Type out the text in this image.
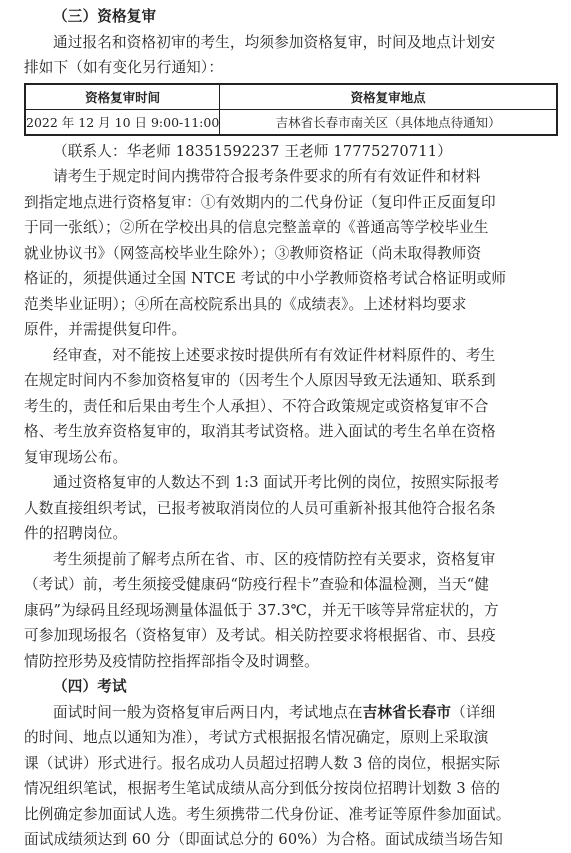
（三）资格复审
通过报名和资格初审的考生，均须参加资格复审，时间及地点计划安
排如下（如有变化另行通知）：
资格复审时间	资格复审地点
2022 年 12 月 10 日 9:00-11:00	吉林省长春市南关区（具体地点待通知）
（联系人：华老师 18351592237 王老师 17775270711）
请考生于规定时间内携带符合报考条件要求的所有有效证件和材料
到指定地点进行资格复审：①有效期内的二代身份证（复印件正反面复印
于同一张纸）；②所在学校出具的信息完整盖章的《普通高等学校毕业生
就业协议书》（网签高校毕业生除外）；③教师资格证（尚未取得教师资
格证的，须提供通过全国 NTCE 考试的中小学教师资格考试合格证明或师
范类毕业证明）；④所在高校院系出具的《成绩表》。上述材料均要求
原件，并需提供复印件。
经审查，对不能按上述要求按时提供所有有效证件材料原件的、考生
在规定时间内不参加资格复审的（因考生个人原因导致无法通知、联系到
考生的，责任和后果由考生个人承担）、不符合政策规定或资格复审不合
格、考生放弃资格复审的，取消其考试资格。进入面试的考生名单在资格
复审现场公布。
通过资格复审的人数达不到 1:3 面试开考比例的岗位，按照实际报考
人数直接组织考试，已报考被取消岗位的人员可重新补报其他符合报名条
件的招聘岗位。
考生须提前了解考点所在省、市、区的疫情防控有关要求，资格复审
（考试）前，考生须接受健康码“防疫行程卡”查验和体温检测，当天“健
康码”为绿码且经现场测量体温低于 37.3℃，并无干咳等异常症状的，方
可参加现场报名（资格复审）及考试。相关防控要求将根据省、市、县疫
情防控形势及疫情防控指挥部指令及时调整。
（四）考试
面试时间一般为资格复审后两日内，考试地点在吉林省长春市（详细
的时间、地点以通知为准），考试方式根据报名情况确定，原则上采取演
课（试讲）形式进行。报名成功人员超过招聘人数 3 倍的岗位，根据实际
情况组织笔试，根据考生笔试成绩从高分到低分按岗位招聘计划数 3 倍的
比例确定参加面试人选。考生须携带二代身份证、准考证等原件参加面试。
面试成绩须达到 60 分（即面试总分的 60%）为合格。面试成绩当场告知
